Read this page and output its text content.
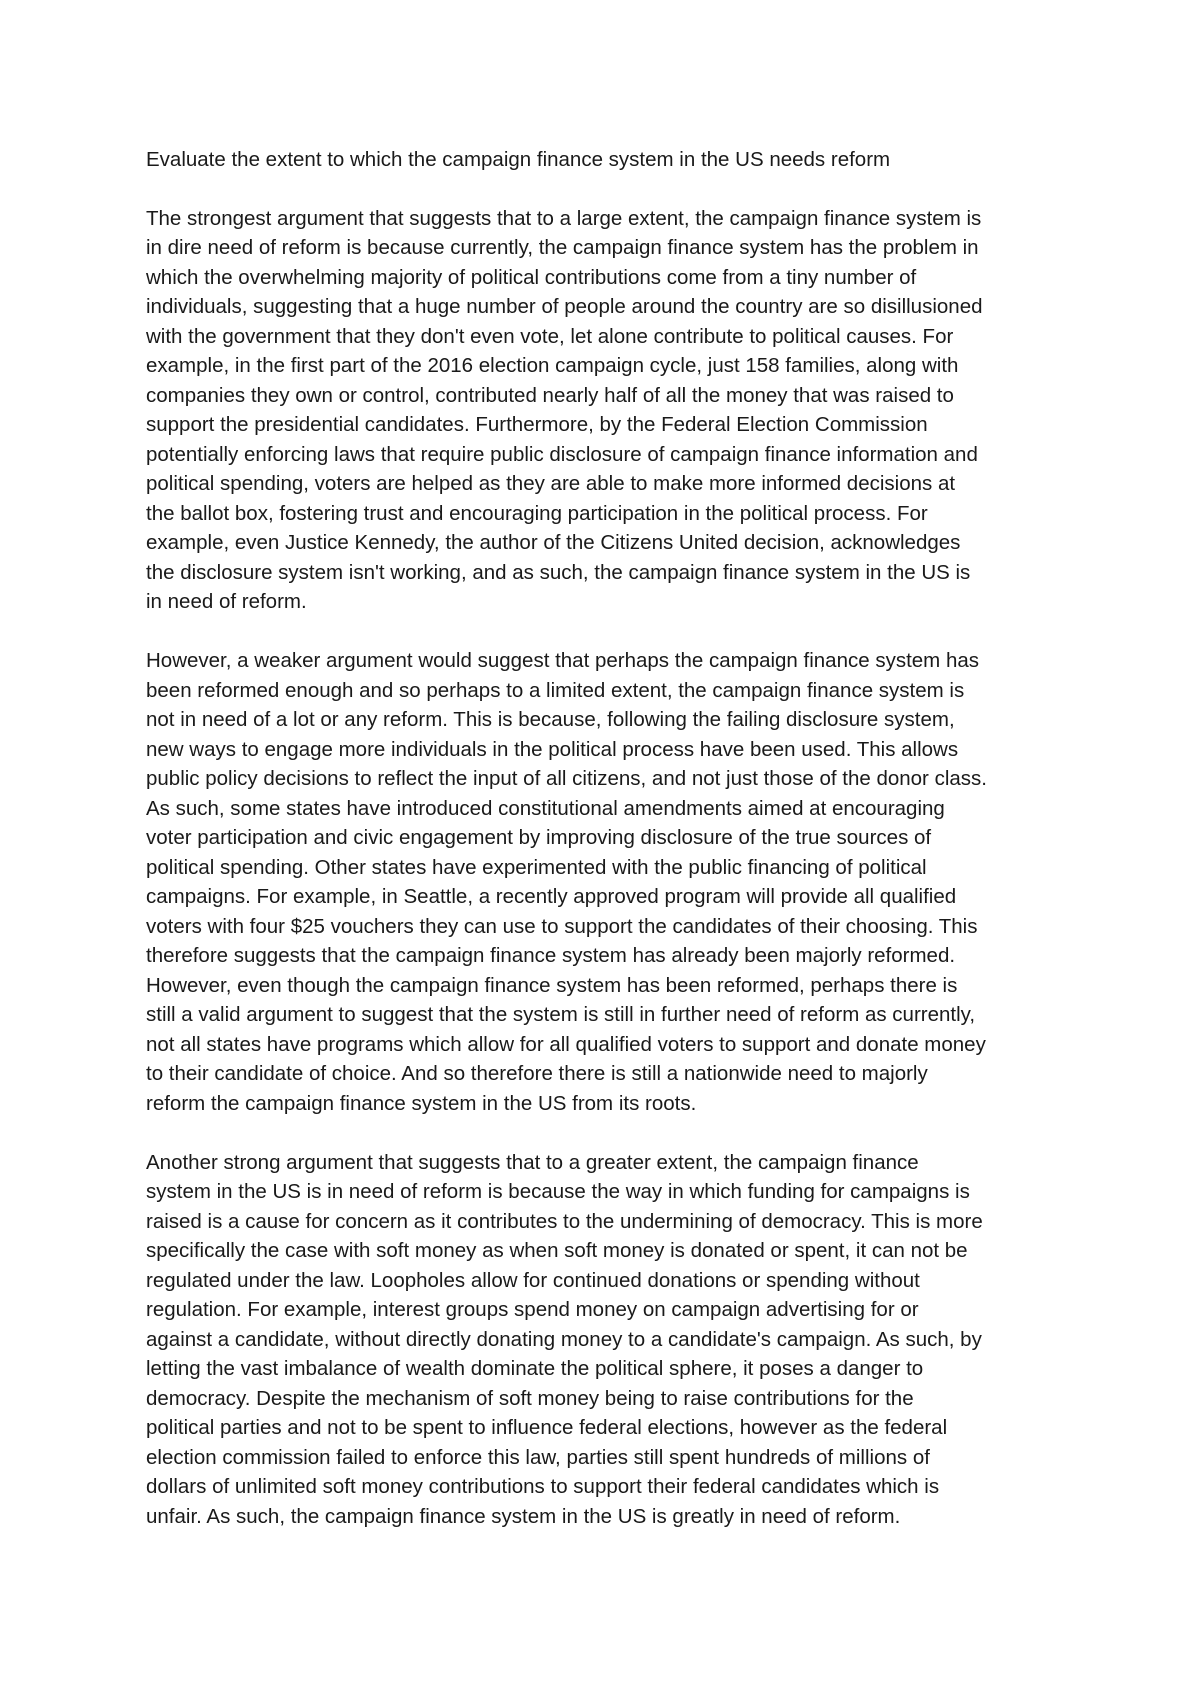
Evaluate the extent to which the campaign finance system in the US needs reform
The strongest argument that suggests that to a large extent, the campaign finance system is
in dire need of reform is because currently, the campaign finance system has the problem in
which the overwhelming majority of political contributions come from a tiny number of
individuals, suggesting that a huge number of people around the country are so disillusioned
with the government that they don't even vote, let alone contribute to political causes. For
example, in the first part of the 2016 election campaign cycle, just 158 families, along with
companies they own or control, contributed nearly half of all the money that was raised to
support the presidential candidates. Furthermore, by the Federal Election Commission
potentially enforcing laws that require public disclosure of campaign finance information and
political spending, voters are helped as they are able to make more informed decisions at
the ballot box, fostering trust and encouraging participation in the political process. For
example, even Justice Kennedy, the author of the Citizens United decision, acknowledges
the disclosure system isn't working, and as such, the campaign finance system in the US is
in need of reform.
However, a weaker argument would suggest that perhaps the campaign finance system has
been reformed enough and so perhaps to a limited extent, the campaign finance system is
not in need of a lot or any reform. This is because, following the failing disclosure system,
new ways to engage more individuals in the political process have been used. This allows
public policy decisions to reflect the input of all citizens, and not just those of the donor class.
As such, some states have introduced constitutional amendments aimed at encouraging
voter participation and civic engagement by improving disclosure of the true sources of
political spending. Other states have experimented with the public financing of political
campaigns. For example, in Seattle, a recently approved program will provide all qualified
voters with four $25 vouchers they can use to support the candidates of their choosing. This
therefore suggests that the campaign finance system has already been majorly reformed.
However, even though the campaign finance system has been reformed, perhaps there is
still a valid argument to suggest that the system is still in further need of reform as currently,
not all states have programs which allow for all qualified voters to support and donate money
to their candidate of choice. And so therefore there is still a nationwide need to majorly
reform the campaign finance system in the US from its roots.
Another strong argument that suggests that to a greater extent, the campaign finance
system in the US is in need of reform is because the way in which funding for campaigns is
raised is a cause for concern as it contributes to the undermining of democracy. This is more
specifically the case with soft money as when soft money is donated or spent, it can not be
regulated under the law. Loopholes allow for continued donations or spending without
regulation. For example, interest groups spend money on campaign advertising for or
against a candidate, without directly donating money to a candidate's campaign. As such, by
letting the vast imbalance of wealth dominate the political sphere, it poses a danger to
democracy. Despite the mechanism of soft money being to raise contributions for the
political parties and not to be spent to influence federal elections, however as the federal
election commission failed to enforce this law, parties still spent hundreds of millions of
dollars of unlimited soft money contributions to support their federal candidates which is
unfair. As such, the campaign finance system in the US is greatly in need of reform.
